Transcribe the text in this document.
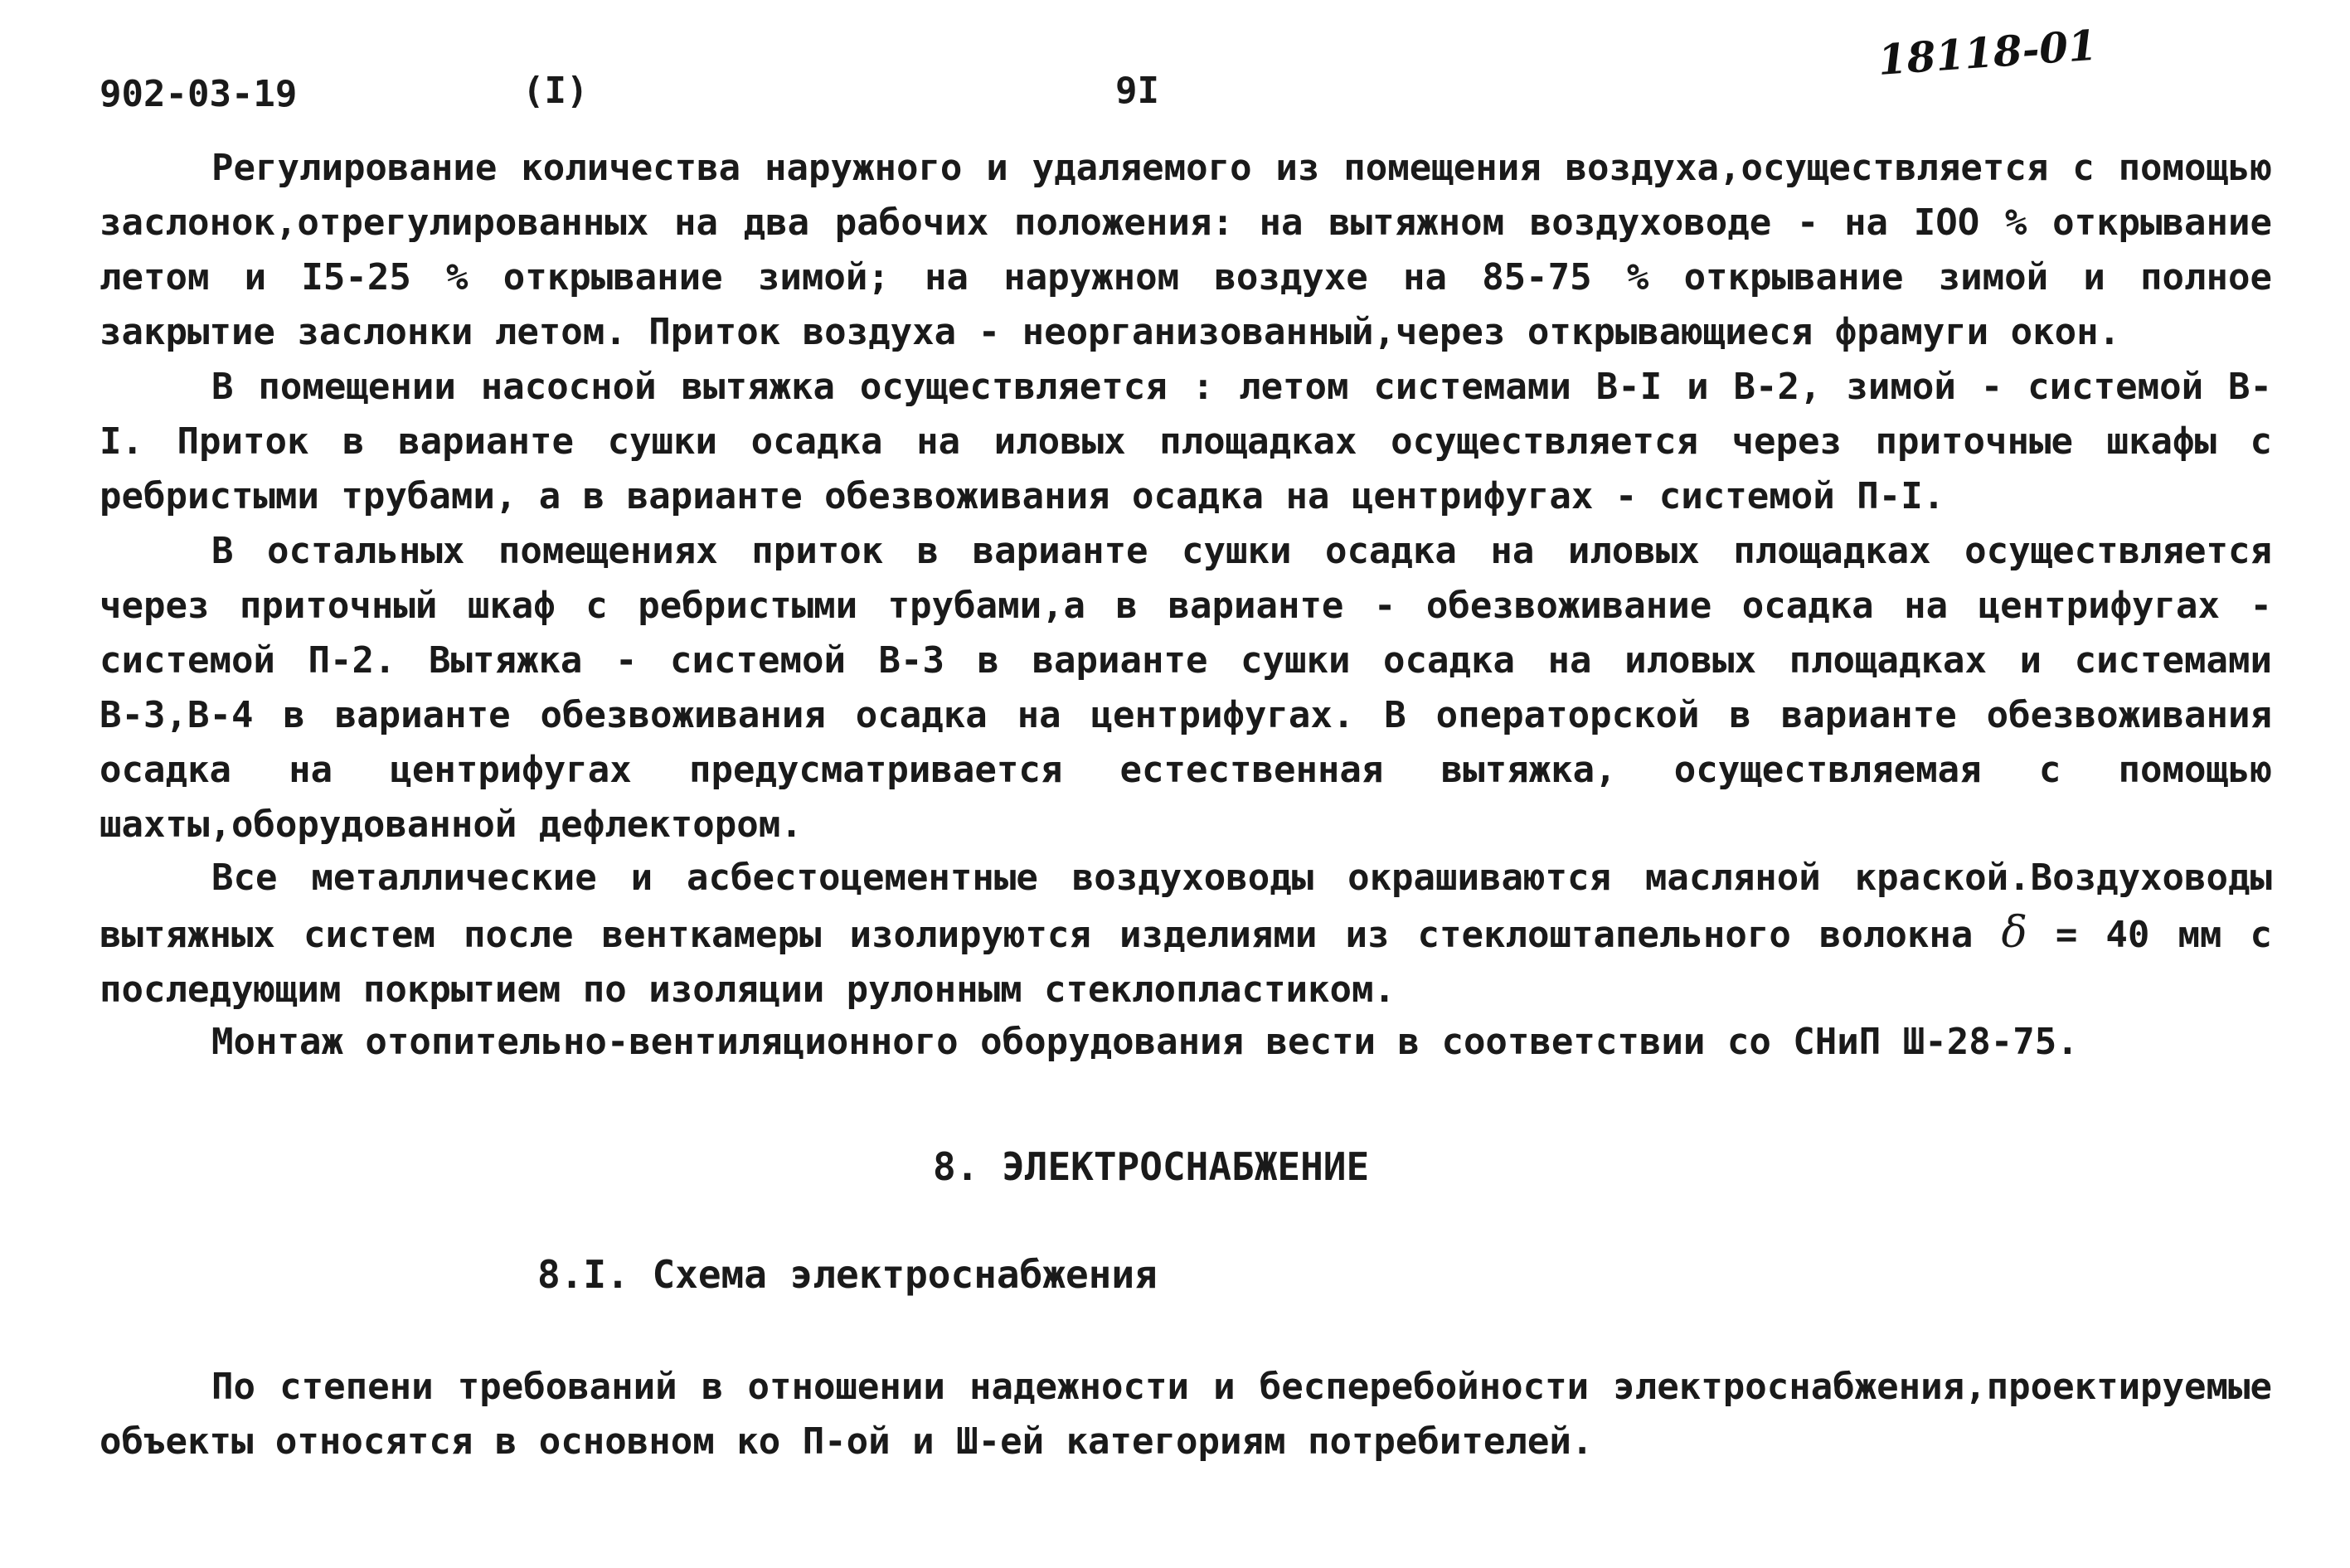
902-03-19	(I)	9I
18118-01

Регулирование количества наружного и удаляемого из помещения воздуха,осуществляется с помощью заслонок,отрегулированных на два рабочих положения: на вытяжном воздуховоде - на IOO % открывание летом и I5-25 % открывание зимой; на наружном воздухе на 85-75 % открывание зимой и полное закрытие заслонки летом. Приток воздуха - неорганизованный,через открывающиеся фрамуги окон.

В помещении насосной вытяжка осуществляется : летом системами В-I и В-2, зимой - системой В-I. Приток в варианте сушки осадка на иловых площадках осуществляется через приточные шкафы с ребристыми трубами, а в варианте обезвоживания осадка на центрифугах - системой П-I.

В остальных помещениях приток в варианте сушки осадка на иловых площадках осуществляется через приточный шкаф с ребристыми трубами,а в варианте - обезвоживание осадка на центрифугах - системой П-2. Вытяжка - системой В-3 в варианте сушки осадка на иловых площадках и системами В-3,В-4 в варианте обезвоживания осадка на центрифугах. В операторской в варианте обезвоживания осадка на центрифугах предусматривается естественная вытяжка, осуществляемая с помощью шахты,оборудованной дефлектором.

Все металлические и асбестоцементные воздуховоды окрашиваются масляной краской.Воздуховоды вытяжных систем после венткамеры изолируются изделиями из стеклоштапельного волокна δ = 40 мм с последующим покрытием по изоляции рулонным стеклопластиком.

Монтаж отопительно-вентиляционного оборудования вести в соответствии со СНиП Ш-28-75.

8. ЭЛЕКТРОСНАБЖЕНИЕ
8.I. Схема электроснабжения

По степени требований в отношении надежности и бесперебойности электроснабжения,проектируемые объекты относятся в основном ко П-ой и Ш-ей категориям потребителей.
